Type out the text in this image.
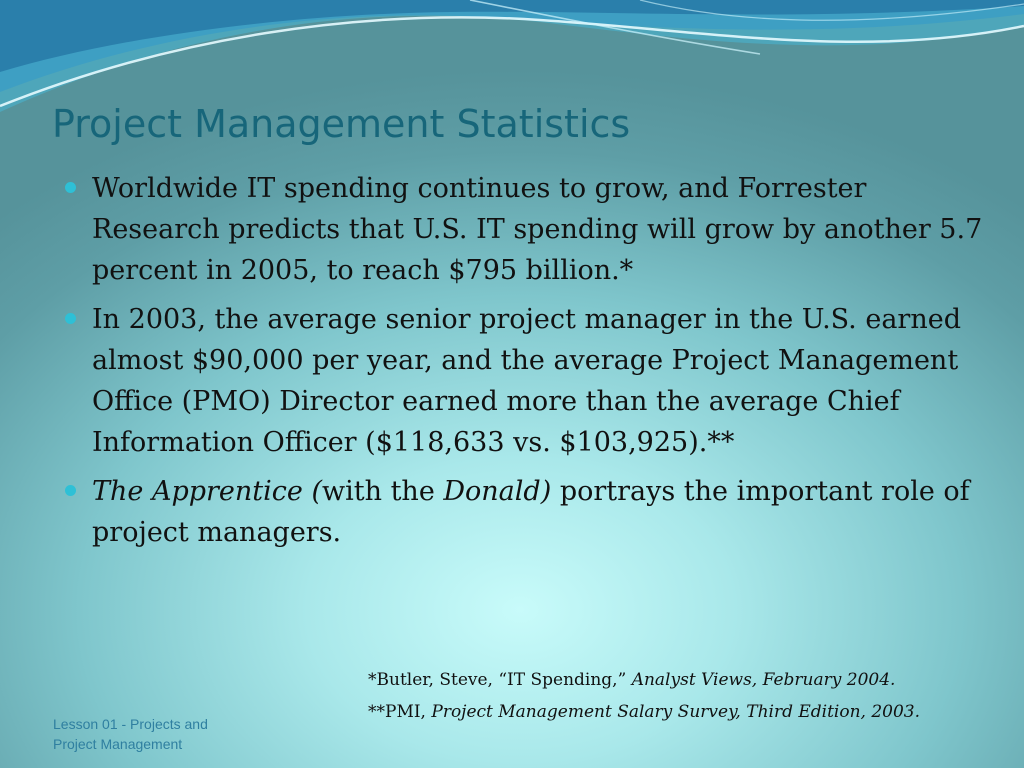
Project Management Statistics
Worldwide IT spending continues to grow, and Forrester Research predicts that U.S. IT spending will grow by another 5.7 percent in 2005, to reach $795 billion.*
In 2003, the average senior project manager in the U.S. earned almost $90,000 per year, and the average Project Management Office (PMO) Director earned more than the average Chief Information Officer ($118,633 vs. $103,925).**
The Apprentice (with the Donald) portrays the important role of project managers.
*Butler, Steve, “IT Spending,” Analyst Views, February 2004.
**PMI, Project Management Salary Survey, Third Edition, 2003.
Lesson 01 - Projects and
Project Management
